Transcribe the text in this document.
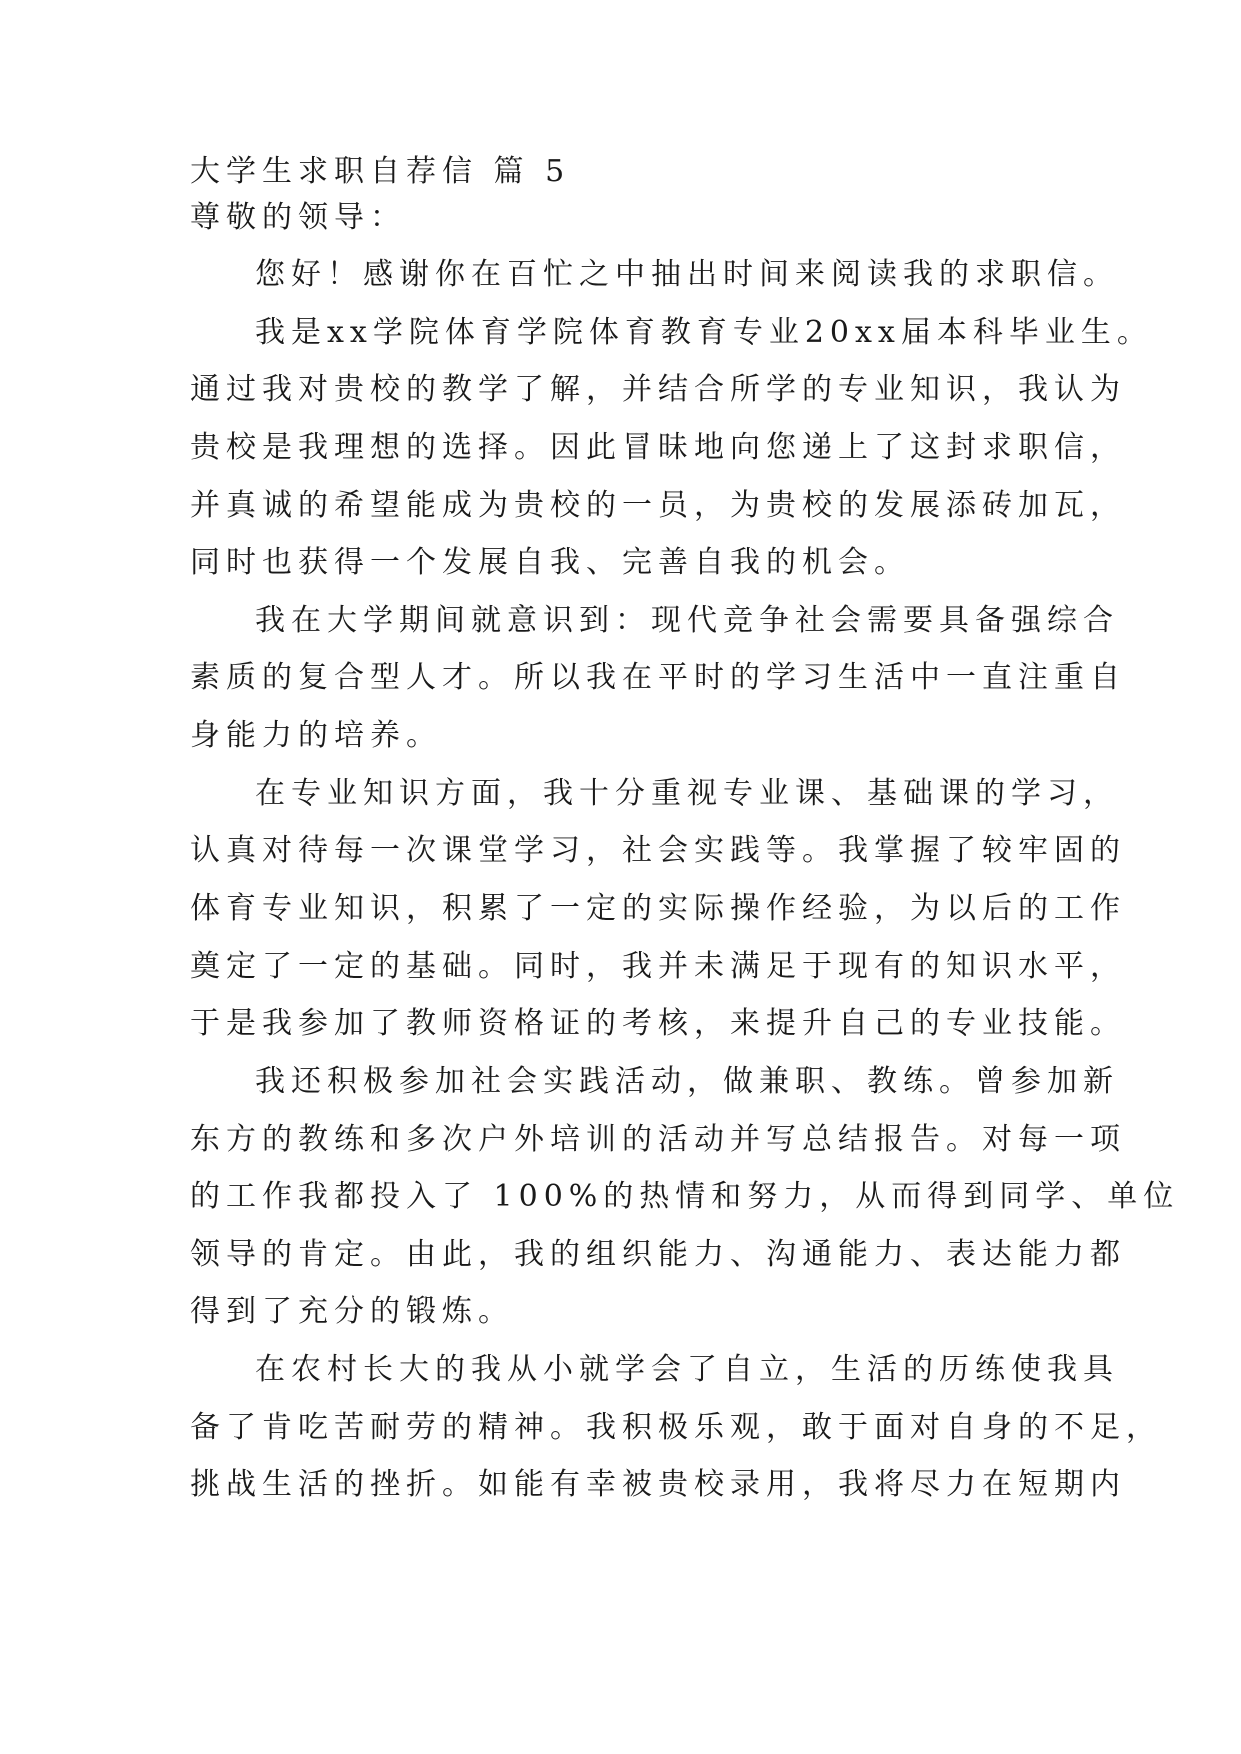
大学生求职自荐信 篇 5
尊敬的领导：
您好！感谢你在百忙之中抽出时间来阅读我的求职信。
我是xx学院体育学院体育教育专业20xx届本科毕业生。
通过我对贵校的教学了解，并结合所学的专业知识，我认为
贵校是我理想的选择。因此冒昧地向您递上了这封求职信，
并真诚的希望能成为贵校的一员，为贵校的发展添砖加瓦，
同时也获得一个发展自我、完善自我的机会。
我在大学期间就意识到：现代竞争社会需要具备强综合
素质的复合型人才。所以我在平时的学习生活中一直注重自
身能力的培养。
在专业知识方面，我十分重视专业课、基础课的学习，
认真对待每一次课堂学习，社会实践等。我掌握了较牢固的
体育专业知识，积累了一定的实际操作经验，为以后的工作
奠定了一定的基础。同时，我并未满足于现有的知识水平，
于是我参加了教师资格证的考核，来提升自己的专业技能。
我还积极参加社会实践活动，做兼职、教练。曾参加新
东方的教练和多次户外培训的活动并写总结报告。对每一项
的工作我都投入了 100%的热情和努力，从而得到同学、单位
领导的肯定。由此，我的组织能力、沟通能力、表达能力都
得到了充分的锻炼。
在农村长大的我从小就学会了自立，生活的历练使我具
备了肯吃苦耐劳的精神。我积极乐观，敢于面对自身的不足，
挑战生活的挫折。如能有幸被贵校录用，我将尽力在短期内
